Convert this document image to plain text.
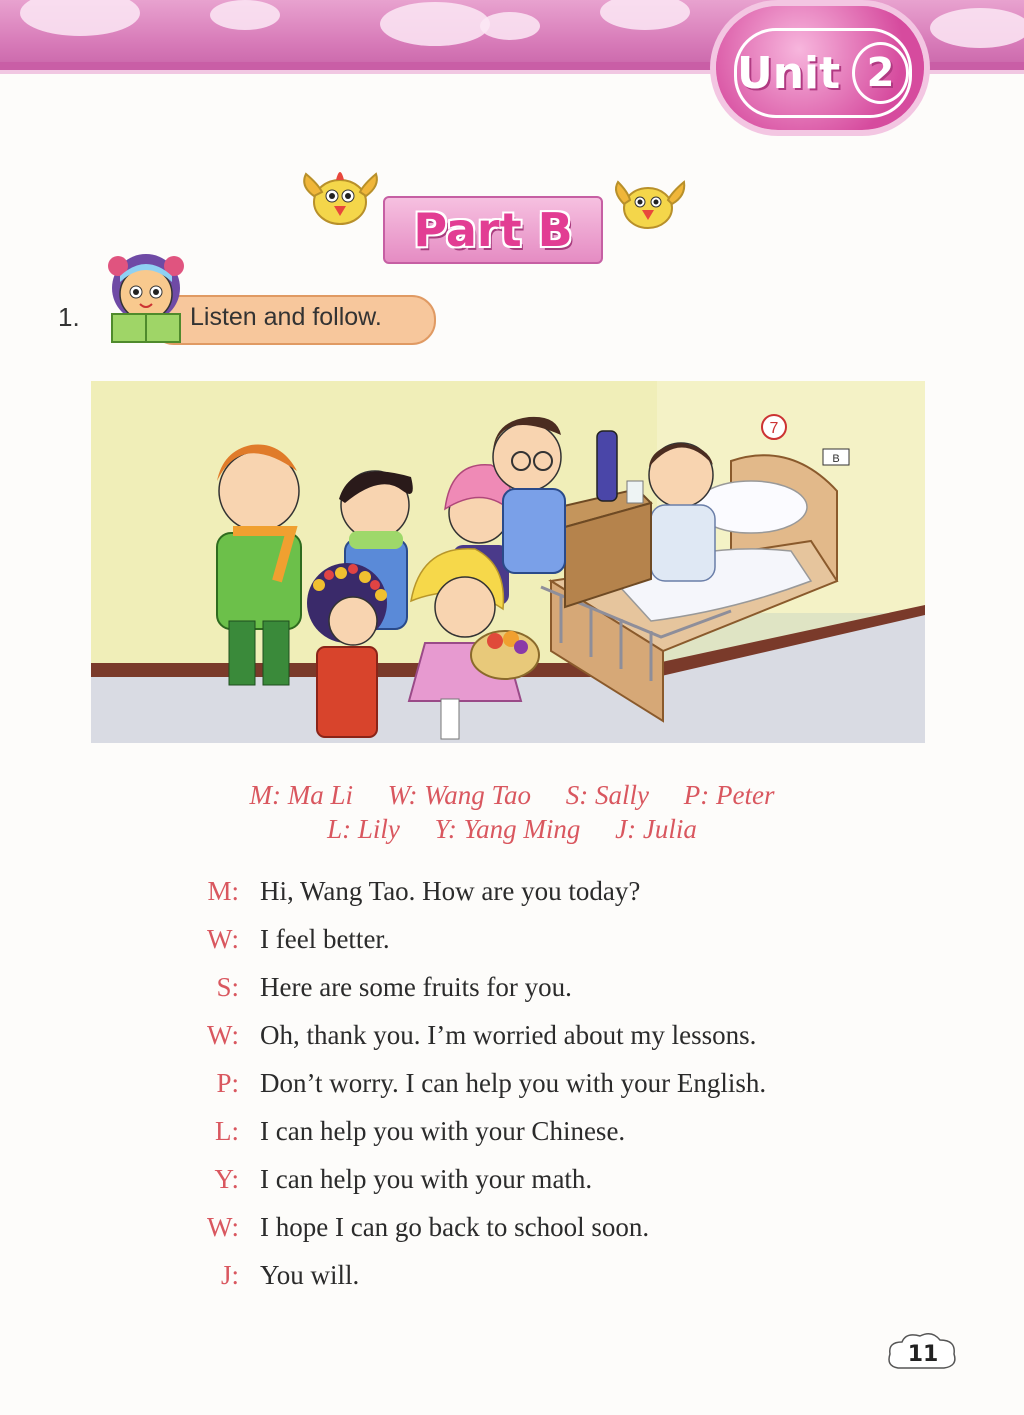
Unit 2
Part B
1.	Listen and follow.
7
B
M: Ma Li W: Wang Tao S: Sally P: Peter
L: Lily Y: Yang Ming J: Julia
M: Hi, Wang Tao. How are you today?
W: I feel better.
S: Here are some fruits for you.
W: Oh, thank you. I’m worried about my lessons.
P: Don’t worry. I can help you with your English.
L: I can help you with your Chinese.
Y: I can help you with your math.
W: I hope I can go back to school soon.
J: You will.
11
